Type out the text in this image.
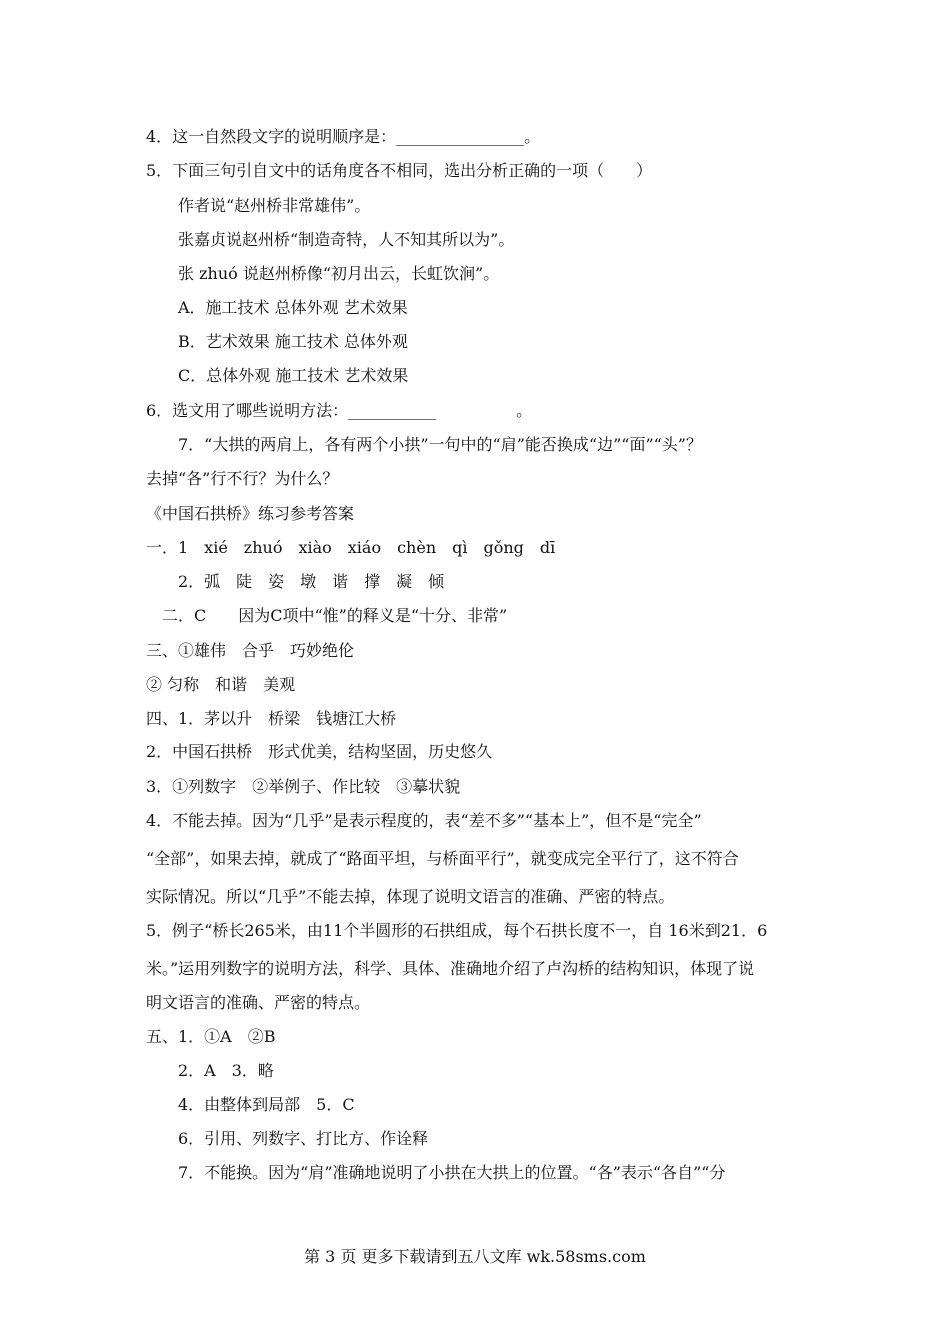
4．这一自然段文字的说明顺序是：________________。
5．下面三句引自文中的话角度各不相同，选出分析正确的一项（　　）
作者说“赵州桥非常雄伟”。
张嘉贞说赵州桥“制造奇特，人不知其所以为”。
张 zhuó 说赵州桥像“初月出云，长虹饮涧”。
A．施工技术 总体外观 艺术效果
B．艺术效果 施工技术 总体外观
C．总体外观 施工技术 艺术效果
6．选文用了哪些说明方法：___________　　　　　。
7．“大拱的两肩上，各有两个小拱”一句中的“肩”能否换成“边”“面”“头”？
去掉“各”行不行？为什么？
《中国石拱桥》练习参考答案
一．1　xié　zhuó　xiào　xiáo　chèn　qì　gǒng　dī
2．弧　陡　姿　墩　谐　撑　凝　倾
二．C　　因为C项中“惟”的释义是“十分、非常”
三、①雄伟　合乎　巧妙绝伦
② 匀称　和谐　美观
四、1．茅以升　桥梁　钱塘江大桥
2．中国石拱桥　形式优美，结构坚固，历史悠久
3．①列数字　②举例子、作比较　③摹状貌
4．不能去掉。因为“几乎”是表示程度的，表“差不多”“基本上”，但不是“完全”
“全部”，如果去掉，就成了“路面平坦，与桥面平行”，就变成完全平行了，这不符合
实际情况。所以“几乎”不能去掉，体现了说明文语言的准确、严密的特点。
5．例子“桥长265米，由11个半圆形的石拱组成，每个石拱长度不一，自 16米到21．6
米。”运用列数字的说明方法，科学、具体、准确地介绍了卢沟桥的结构知识，体现了说
明文语言的准确、严密的特点。
五、1．①A　②B
2．A　3．略
4．由整体到局部　5．C
6．引用、列数字、打比方、作诠释
7．不能换。因为“肩”准确地说明了小拱在大拱上的位置。“各”表示“各自”“分
第 3 页 更多下载请到五八文库 wk.58sms.com
